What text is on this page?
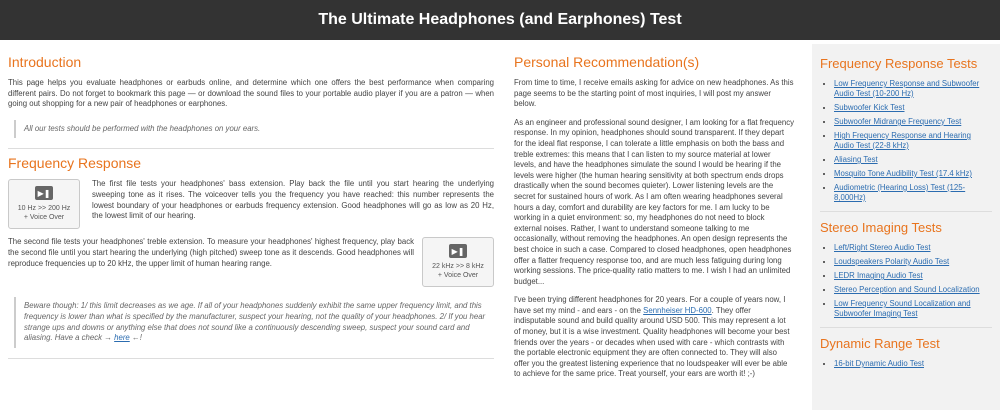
The Ultimate Headphones (and Earphones) Test
Introduction

This page helps you evaluate headphones or earbuds online, and determine which one offers the best performance when comparing different pairs. Do not forget to bookmark this page — or download the sound files to your portable audio player if you are a patron — when going out shopping for a new pair of headphones or earphones.

All our tests should be performed with the headphones on your ears.
Frequency Response
▶❚
10 Hz >> 200 Hz
+ Voice Over

The first file tests your headphones' bass extension. Play back the file until you start hearing the underlying sweeping tone as it rises. The voiceover tells you the frequency you have reached: this number represents the lowest boundary of your headphones or earbuds frequency extension. Good headphones will go as low as 20 Hz, the lowest limit of our hearing.

The second file tests your headphones' treble extension. To measure your headphones' highest frequency, play back the second file until you start hearing the underlying (high pitched) sweep tone as it descends. Good headphones will reproduce frequencies up to 20 kHz, the upper limit of human hearing range.

▶❚
22 kHz >> 8 kHz
+ Voice Over
Beware though: 1/ this limit decreases as we age. If all of your headphones suddenly exhibit the same upper frequency limit, and this frequency is lower than what is specified by the manufacturer, suspect your hearing, not the quality of your headphones. 2/ If you hear strange ups and downs or anything else that does not sound like a continuously descending sweep, suspect your sound card and aliasing. Have a check → here ←!
Personal Recommendation(s)

From time to time, I receive emails asking for advice on new headphones. As this page seems to be the starting point of most inquiries, I will post my answer below.

As an engineer and professional sound designer, I am looking for a flat frequency response. In my opinion, headphones should sound transparent. If they depart for the ideal flat response, I can tolerate a little emphasis on both the bass and treble extremes: this means that I can listen to my source material at lower levels, and have the headphones simulate the sound I would be hearing if the levels were higher (the human hearing sensitivity at both spectrum ends drops drastically when the sound becomes quieter). Lower listening levels are the secret for sustained hours of work. As I am often wearing headphones several hours a day, comfort and durability are key factors for me. I am lucky to be working in a quiet environment: so, my headphones do not need to block external noises. Rather, I want to understand someone talking to me occasionally, without removing the headphones. An open design represents the best choice in such a case. Compared to closed headphones, open headphones offer a flatter frequency response too, and are much less fatiguing during long working sessions. The price-quality ratio matters to me. I wish I had an unlimited budget...

I've been trying different headphones for 20 years. For a couple of years now, I have set my mind - and ears - on the Sennheiser HD-600. They offer indisputable sound and build quality around USD 500. This may represent a lot of money, but it is a wise investment. Quality headphones will become your best friends over the years - or decades when used with care - which contrasts with the portable electronic equipment they are often connected to. They will also offer you the greatest listening experience that no loudspeaker will ever be able to achieve for the same price. Treat yourself, your ears are worth it! ;-)

Frequency Response Tests
• Low Frequency Response and Subwoofer Audio Test (10-200 Hz)
• Subwoofer Kick Test
• Subwoofer Midrange Frequency Test
• High Frequency Response and Hearing Audio Test (22-8 kHz)
• Aliasing Test
• Mosquito Tone Audibility Test (17.4 kHz)
• Audiometric (Hearing Loss) Test (125-8,000Hz)
Stereo Imaging Tests
• Left/Right Stereo Audio Test
• Loudspeakers Polarity Audio Test
• LEDR Imaging Audio Test
• Stereo Perception and Sound Localization
• Low Frequency Sound Localization and Subwoofer Imaging Test
Dynamic Range Test
• 16-bit Dynamic Audio Test
